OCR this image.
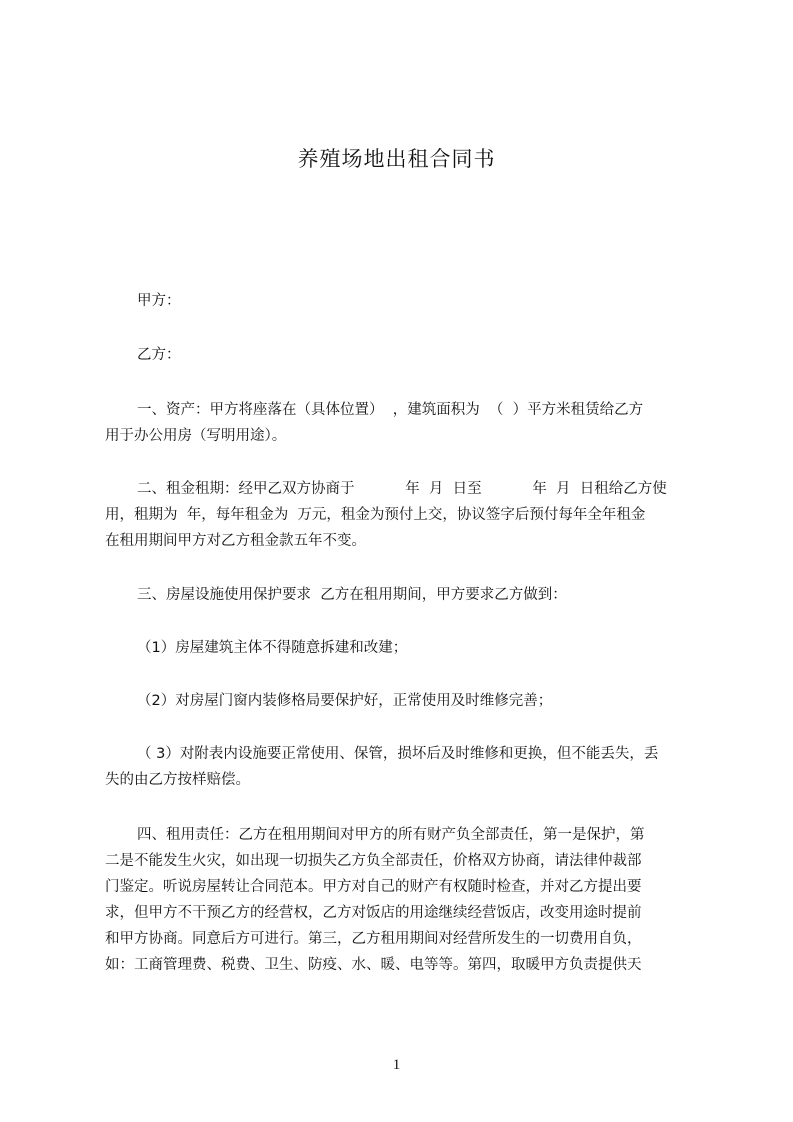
养殖场地出租合同书
甲方：
乙方：
一、资产：甲方将座落在（具体位置）  ，建筑面积为  （  ）平方米租赁给乙方
用于办公用房（写明用途）。
二、租金租期：经甲乙双方协商于           年  月  日至           年  月  日租给乙方使
用，租期为  年，每年租金为  万元，租金为预付上交，协议签字后预付每年全年租金
在租用期间甲方对乙方租金款五年不变。
三、房屋设施使用保护要求  乙方在租用期间，甲方要求乙方做到：
（1）房屋建筑主体不得随意拆建和改建；
（2）对房屋门窗内装修格局要保护好，正常使用及时维修完善；
（ 3）对附表内设施要正常使用、保管，损坏后及时维修和更换，但不能丢失，丢
失的由乙方按样赔偿。
四、租用责任：乙方在租用期间对甲方的所有财产负全部责任，第一是保护，第
二是不能发生火灾，如出现一切损失乙方负全部责任，价格双方协商，请法律仲裁部
门鉴定。听说房屋转让合同范本。甲方对自己的财产有权随时检查，并对乙方提出要
求，但甲方不干预乙方的经营权，乙方对饭店的用途继续经营饭店，改变用途时提前
和甲方协商。同意后方可进行。第三，乙方租用期间对经营所发生的一切费用自负，
如：工商管理费、税费、卫生、防疫、水、暖、电等等。第四，取暖甲方负责提供天
1
